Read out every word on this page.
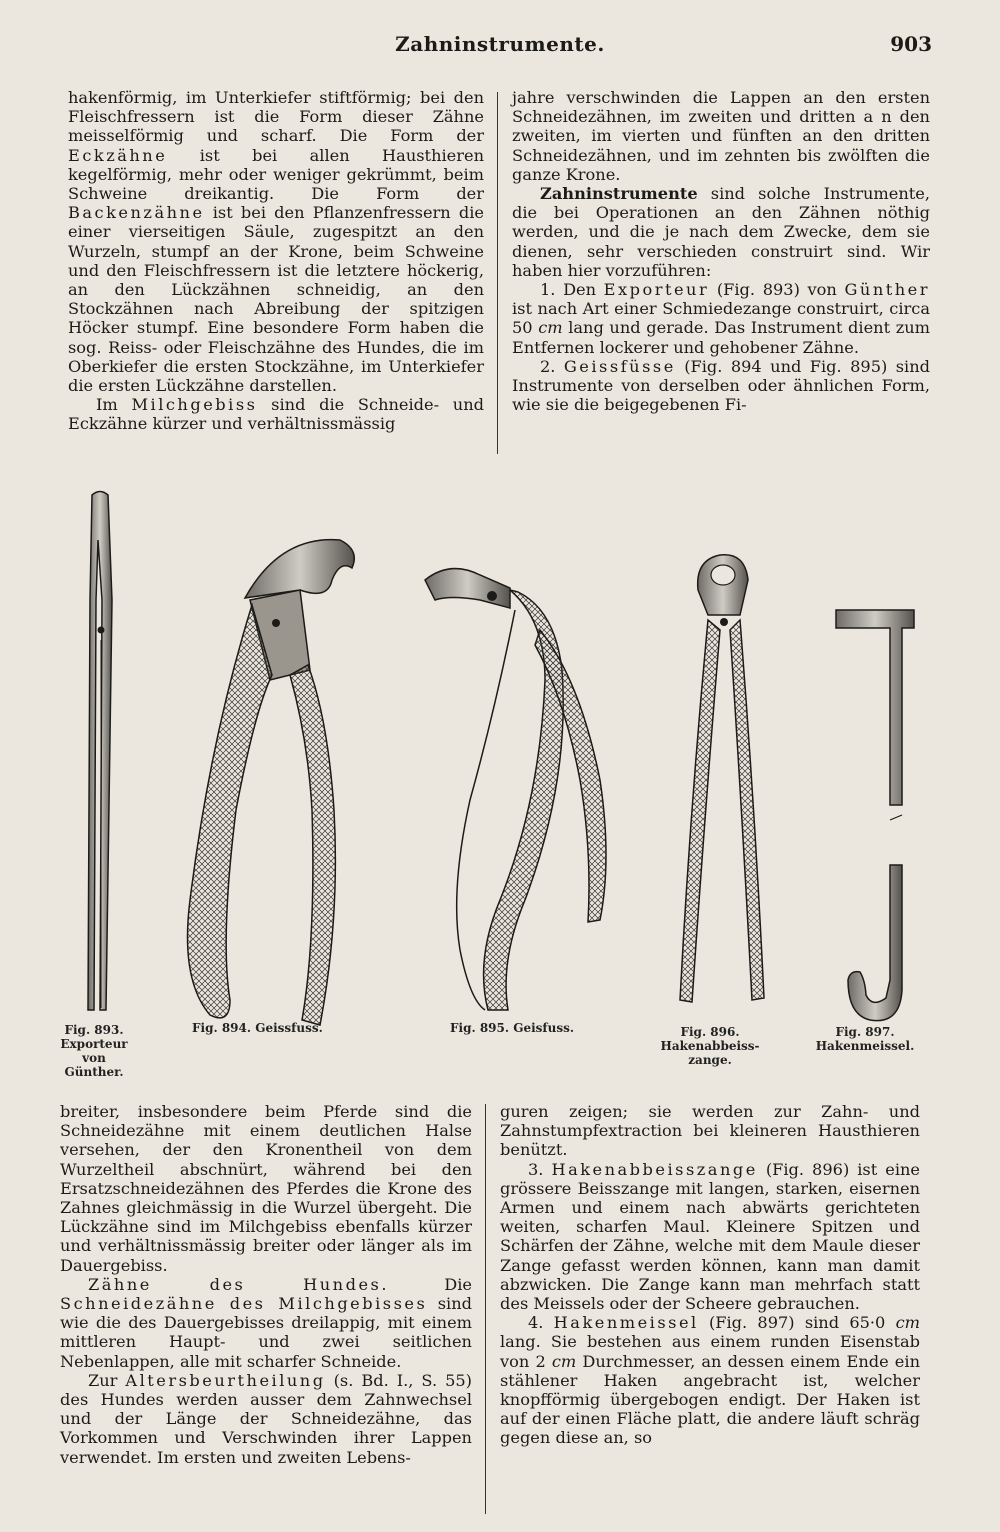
Zahninstrumente.	903

hakenförmig, im Unterkiefer stiftförmig; bei den Fleischfressern ist die Form dieser Zähne meisselförmig und scharf. Die Form der Eckzähne ist bei allen Hausthieren kegelförmig, mehr oder weniger gekrümmt, beim Schweine dreikantig. Die Form der Backenzähne ist bei den Pflanzenfressern die einer vierseitigen Säule, zugespitzt an den Wurzeln, stumpf an der Krone, beim Schweine und den Fleischfressern ist die letztere höckerig, an den Lückzähnen schneidig, an den Stockzähnen nach Abreibung der spitzigen Höcker stumpf. Eine besondere Form haben die sog. Reiss- oder Fleischzähne des Hundes, die im Oberkiefer die ersten Stockzähne, im Unterkiefer die ersten Lückzähne darstellen.

Im Milchgebiss sind die Schneide- und Eckzähne kürzer und verhältnissmässig

jahre verschwinden die Lappen an den ersten Schneidezähnen, im zweiten und dritten a n den zweiten, im vierten und fünften an den dritten Schneidezähnen, und im zehnten bis zwölften die ganze Krone.

Zahninstrumente sind solche Instrumente, die bei Operationen an den Zähnen nöthig werden, und die je nach dem Zwecke, dem sie dienen, sehr verschieden construirt sind. Wir haben hier vorzuführen:

1. Den Exporteur (Fig. 893) von Günther ist nach Art einer Schmiedezange construirt, circa 50 cm lang und gerade. Das Instrument dient zum Entfernen lockerer und gehobener Zähne.

2. Geissfüsse (Fig. 894 und Fig. 895) sind Instrumente von derselben oder ähnlichen Form, wie sie die beigegebenen Fi-

Fig. 893.
Exporteur
von
Günther.
Fig. 894. Geissfuss.	Fig. 895. Geisfuss.	Fig. 896.
Hakenabbeiss-
zange.
Fig. 897.
Hakenmeissel.

breiter, insbesondere beim Pferde sind die Schneidezähne mit einem deutlichen Halse versehen, der den Kronentheil von dem Wurzeltheil abschnürt, während bei den Ersatzschneidezähnen des Pferdes die Krone des Zahnes gleichmässig in die Wurzel übergeht. Die Lückzähne sind im Milchgebiss ebenfalls kürzer und verhältnissmässig breiter oder länger als im Dauergebiss.

Zähne des Hundes. Die Schneidezähne des Milchgebisses sind wie die des Dauergebisses dreilappig, mit einem mittleren Haupt- und zwei seitlichen Nebenlappen, alle mit scharfer Schneide.

Zur Altersbeurtheilung (s. Bd. I., S. 55) des Hundes werden ausser dem Zahnwechsel und der Länge der Schneidezähne, das Vorkommen und Verschwinden ihrer Lappen verwendet. Im ersten und zweiten Lebens-

guren zeigen; sie werden zur Zahn- und Zahnstumpfextraction bei kleineren Hausthieren benützt.

3. Hakenabbeisszange (Fig. 896) ist eine grössere Beisszange mit langen, starken, eisernen Armen und einem nach abwärts gerichteten weiten, scharfen Maul. Kleinere Spitzen und Schärfen der Zähne, welche mit dem Maule dieser Zange gefasst werden können, kann man damit abzwicken. Die Zange kann man mehrfach statt des Meissels oder der Scheere gebrauchen.

4. Hakenmeissel (Fig. 897) sind 65·0 cm lang. Sie bestehen aus einem runden Eisenstab von 2 cm Durchmesser, an dessen einem Ende ein stählener Haken angebracht ist, welcher knopfförmig übergebogen endigt. Der Haken ist auf der einen Fläche platt, die andere läuft schräg gegen diese an, so
